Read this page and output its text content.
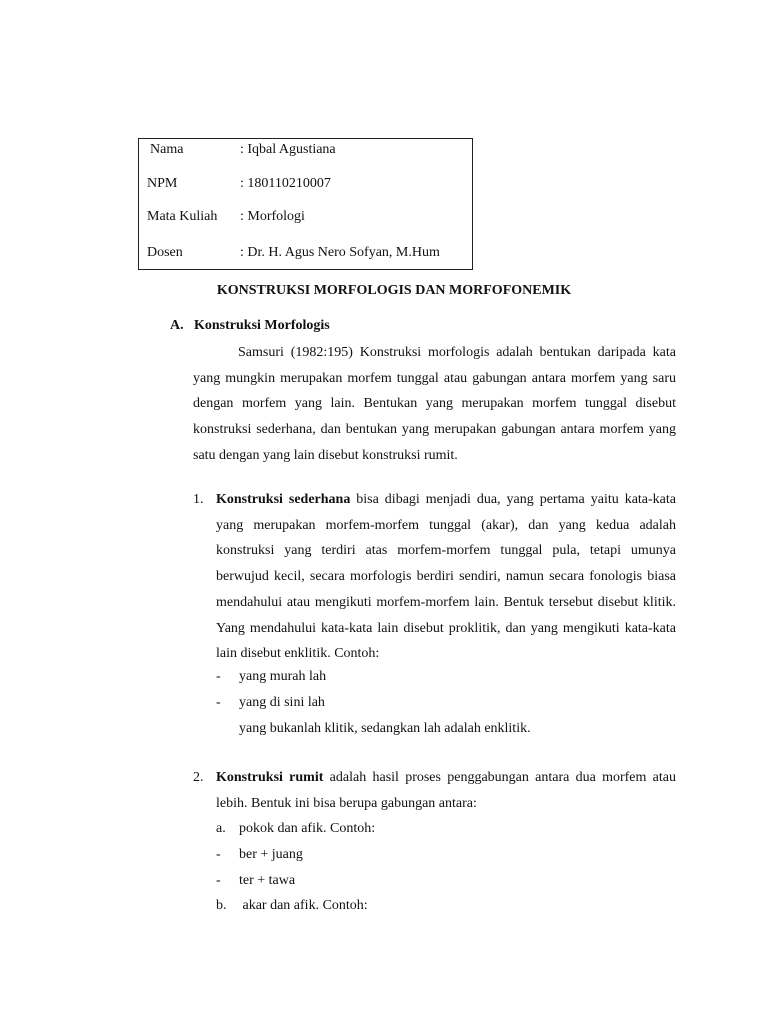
Nama	: Iqbal Agustiana
NPM	: 180110210007
Mata Kuliah : Morfologi
Dosen	: Dr. H. Agus Nero Sofyan, M.Hum
KONSTRUKSI MORFOLOGIS DAN MORFOFONEMIK
A. Konstruksi Morfologis
Samsuri (1982:195) Konstruksi morfologis adalah bentukan daripada kata yang mungkin merupakan morfem tunggal atau gabungan antara morfem yang saru dengan morfem yang lain. Bentukan yang merupakan morfem tunggal disebut konstruksi sederhana, dan bentukan yang merupakan gabungan antara morfem yang satu dengan yang lain disebut konstruksi rumit.
1. Konstruksi sederhana bisa dibagi menjadi dua, yang pertama yaitu kata-kata yang merupakan morfem-morfem tunggal (akar), dan yang kedua adalah konstruksi yang terdiri atas morfem-morfem tunggal pula, tetapi umunya berwujud kecil, secara morfologis berdiri sendiri, namun secara fonologis biasa mendahului atau mengikuti morfem-morfem lain. Bentuk tersebut disebut klitik. Yang mendahului kata-kata lain disebut proklitik, dan yang mengikuti kata-kata lain disebut enklitik. Contoh:
- yang murah lah
- yang di sini lah
yang bukanlah klitik, sedangkan lah adalah enklitik.
2. Konstruksi rumit adalah hasil proses penggabungan antara dua morfem atau lebih. Bentuk ini bisa berupa gabungan antara:
a. pokok dan afik. Contoh:
- ber + juang
- ter + tawa
b. akar dan afik. Contoh:
